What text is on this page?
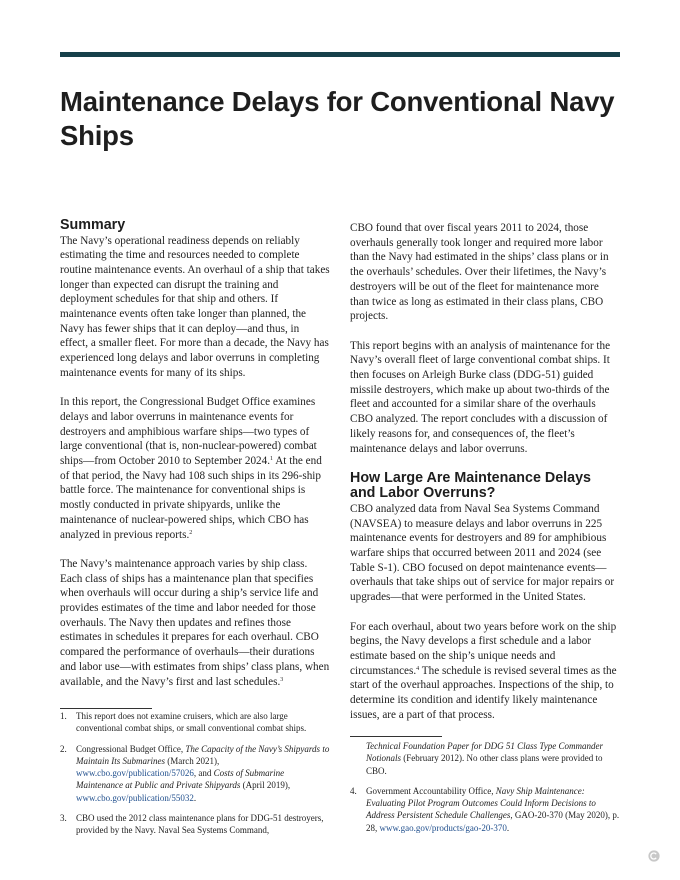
Maintenance Delays for Conventional Navy Ships
Summary

The Navy’s operational readiness depends on reliably estimating the time and resources needed to complete routine maintenance events. An overhaul of a ship that takes longer than expected can disrupt the training and deployment schedules for that ship and others. If maintenance events often take longer than planned, the Navy has fewer ships that it can deploy—and thus, in effect, a smaller fleet. For more than a decade, the Navy has experienced long delays and labor overruns in completing maintenance events for many of its ships.

In this report, the Congressional Budget Office examines delays and labor overruns in maintenance events for destroyers and amphibious warfare ships—two types of large conventional (that is, non-nuclear-powered) combat ships—from October 2010 to September 2024.$^1$ At the end of that period, the Navy had 108 such ships in its 296-ship battle force. The maintenance for conventional ships is mostly conducted in private shipyards, unlike the maintenance of nuclear-powered ships, which CBO has analyzed in previous reports.$^2$

The Navy’s maintenance approach varies by ship class. Each class of ships has a maintenance plan that specifies when overhauls will occur during a ship’s service life and provides estimates of the time and labor needed for those overhauls. The Navy then updates and refines those estimates in schedules it prepares for each overhaul. CBO compared the performance of overhauls—their durations and labor use—with estimates from ships’ class plans, when available, and the Navy’s first and last schedules.$^3$

CBO found that over fiscal years 2011 to 2024, those overhauls generally took longer and required more labor than the Navy had estimated in the ships’ class plans or in the overhauls’ schedules. Over their lifetimes, the Navy’s destroyers will be out of the fleet for maintenance more than twice as long as estimated in their class plans, CBO projects.

This report begins with an analysis of maintenance for the Navy’s overall fleet of large conventional combat ships. It then focuses on Arleigh Burke class (DDG-51) guided missile destroyers, which make up about two-thirds of the fleet and accounted for a similar share of the overhauls CBO analyzed. The report concludes with a discussion of likely reasons for, and consequences of, the fleet’s maintenance delays and labor overruns.

How Large Are Maintenance Delays and Labor Overruns?

CBO analyzed data from Naval Sea Systems Command (NAVSEA) to measure delays and labor overruns in 225 maintenance events for destroyers and 89 for amphibious warfare ships that occurred between 2011 and 2024 (see Table S-1). CBO focused on depot maintenance events—overhauls that take ships out of service for major repairs or upgrades—that were performed in the United States.

For each overhaul, about two years before work on the ship begins, the Navy develops a first schedule and a labor estimate based on the ship’s unique needs and circumstances.$^4$ The schedule is revised several times as the start of the overhaul approaches. Inspections of the ship, to determine its condition and identify likely maintenance issues, are a part of that process.

1.	This report does not examine cruisers, which are also large conventional combat ships, or small conventional combat ships.
2.	Congressional Budget Office, The Capacity of the Navy’s Shipyards to Maintain Its Submarines (March 2021), www.cbo.gov/publication/57026, and Costs of Submarine Maintenance at Public and Private Shipyards (April 2019), www.cbo.gov/publication/55032.
3.	CBO used the 2012 class maintenance plans for DDG-51 destroyers, provided by the Navy. Naval Sea Systems Command,
Technical Foundation Paper for DDG 51 Class Type Commander Notionals (February 2012). No other class plans were provided to CBO.
4.	Government Accountability Office, Navy Ship Maintenance: Evaluating Pilot Program Outcomes Could Inform Decisions to Address Persistent Schedule Challenges, GAO-20-370 (May 2020), p. 28, www.gao.gov/products/gao-20-370.
